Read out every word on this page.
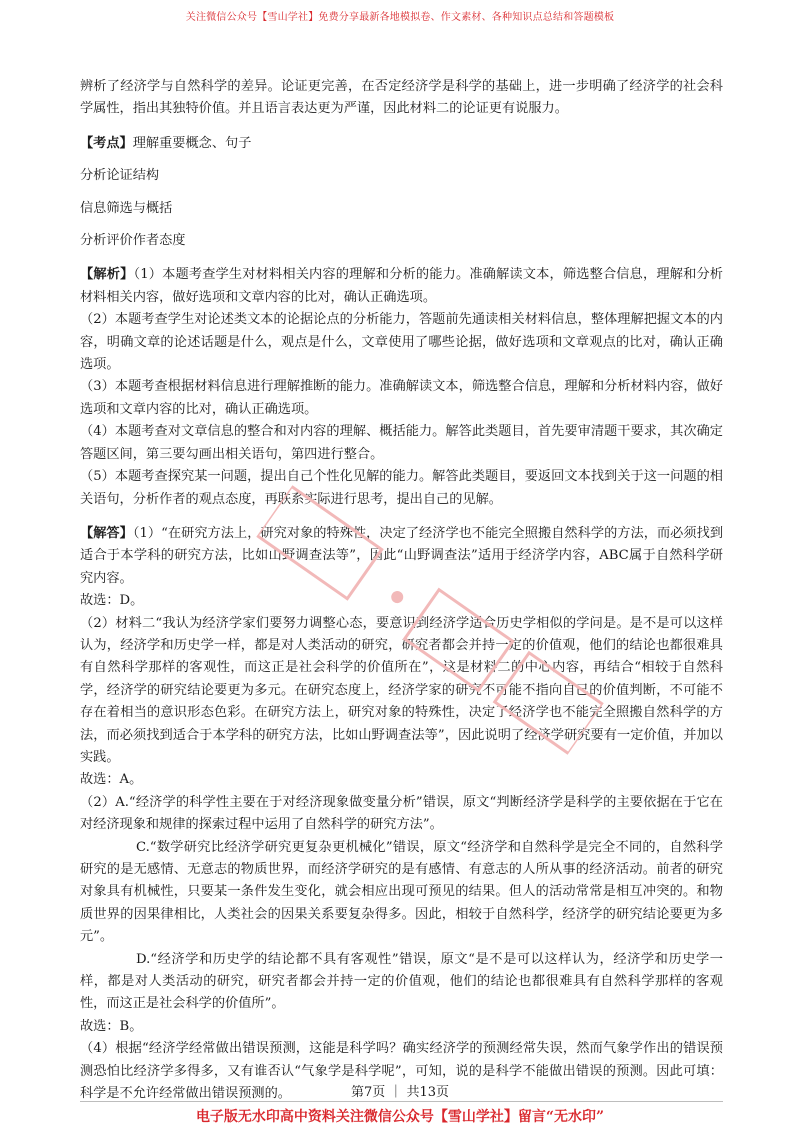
关注微信公众号【雪山学社】免费分享最新各地模拟卷、作文素材、各种知识点总结和答题模板

辨析了经济学与自然科学的差异。论证更完善，在否定经济学是科学的基础上，进一步明确了经济学的社会科学属性，指出其独特价值。并且语言表达更为严谨，因此材料二的论证更有说服力。

【考点】理解重要概念、句子

分析论证结构

信息筛选与概括

分析评价作者态度

【解析】（1）本题考查学生对材料相关内容的理解和分析的能力。准确解读文本，筛选整合信息，理解和分析材料相关内容，做好选项和文章内容的比对，确认正确选项。

（2）本题考查学生对论述类文本的论据论点的分析能力，答题前先通读相关材料信息，整体理解把握文本的内容，明确文章的论述话题是什么，观点是什么，文章使用了哪些论据，做好选项和文章观点的比对，确认正确选项。

（3）本题考查根据材料信息进行理解推断的能力。准确解读文本，筛选整合信息，理解和分析材料内容，做好选项和文章内容的比对，确认正确选项。

（4）本题考查对文章信息的整合和对内容的理解、概括能力。解答此类题目，首先要审清题干要求，其次确定答题区间，第三要勾画出相关语句，第四进行整合。

（5）本题考查探究某一问题，提出自己个性化见解的能力。解答此类题目，要返回文本找到关于这一问题的相关语句，分析作者的观点态度，再联系实际进行思考，提出自己的见解。

【解答】（1）“在研究方法上，研究对象的特殊性，决定了经济学也不能完全照搬自然科学的方法，而必须找到适合于本学科的研究方法，比如山野调查法等”，因此“山野调查法”适用于经济学内容，ABC属于自然科学研究内容。

故选：D。

（2）材料二“我认为经济学家们要努力调整心态，要意识到经济学适合历史学相似的学问是。是不是可以这样认为，经济学和历史学一样，都是对人类活动的研究，研究者都会并持一定的价值观，他们的结论也都很难具有自然科学那样的客观性，而这正是社会科学的价值所在”，这是材料二的中心内容，再结合“相较于自然科学，经济学的研究结论要更为多元。在研究态度上，经济学家的研究不可能不指向自己的价值判断，不可能不存在着相当的意识形态色彩。在研究方法上，研究对象的特殊性，决定了经济学也不能完全照搬自然科学的方法，而必须找到适合于本学科的研究方法，比如山野调查法等”，因此说明了经济学研究要有一定价值，并加以实践。

故选：A。

（2）A.“经济学的科学性主要在于对经济现象做变量分析”错误，原文“判断经济学是科学的主要依据在于它在对经济现象和规律的探索过程中运用了自然科学的研究方法”。

C.“数学研究比经济学研究更复杂更机械化”错误，原文“经济学和自然科学是完全不同的，自然科学研究的是无感情、无意志的物质世界，而经济学研究的是有感情、有意志的人所从事的经济活动。前者的研究对象具有机械性，只要某一条件发生变化，就会相应出现可预见的结果。但人的活动常常是相互冲突的。和物质世界的因果律相比，人类社会的因果关系要复杂得多。因此，相较于自然科学，经济学的研究结论要更为多元”。

D.“经济学和历史学的结论都不具有客观性”错误，原文“是不是可以这样认为，经济学和历史学一样，都是对人类活动的研究，研究者都会并持一定的价值观，他们的结论也都很难具有自然科学那样的客观性，而这正是社会科学的价值所”。

故选：B。

（4）根据“经济学经常做出错误预测，这能是科学吗？确实经济学的预测经常失误，然而气象学作出的错误预测恐怕比经济学多得多，又有谁否认“气象学是科学呢”，可知，说的是科学不能做出错误的预测。因此可填：科学是不允许经常做出错误预测的。	第7页 ｜ 共13页
电子版无水印高中资料关注微信公众号【雪山学社】留言“无水印”
